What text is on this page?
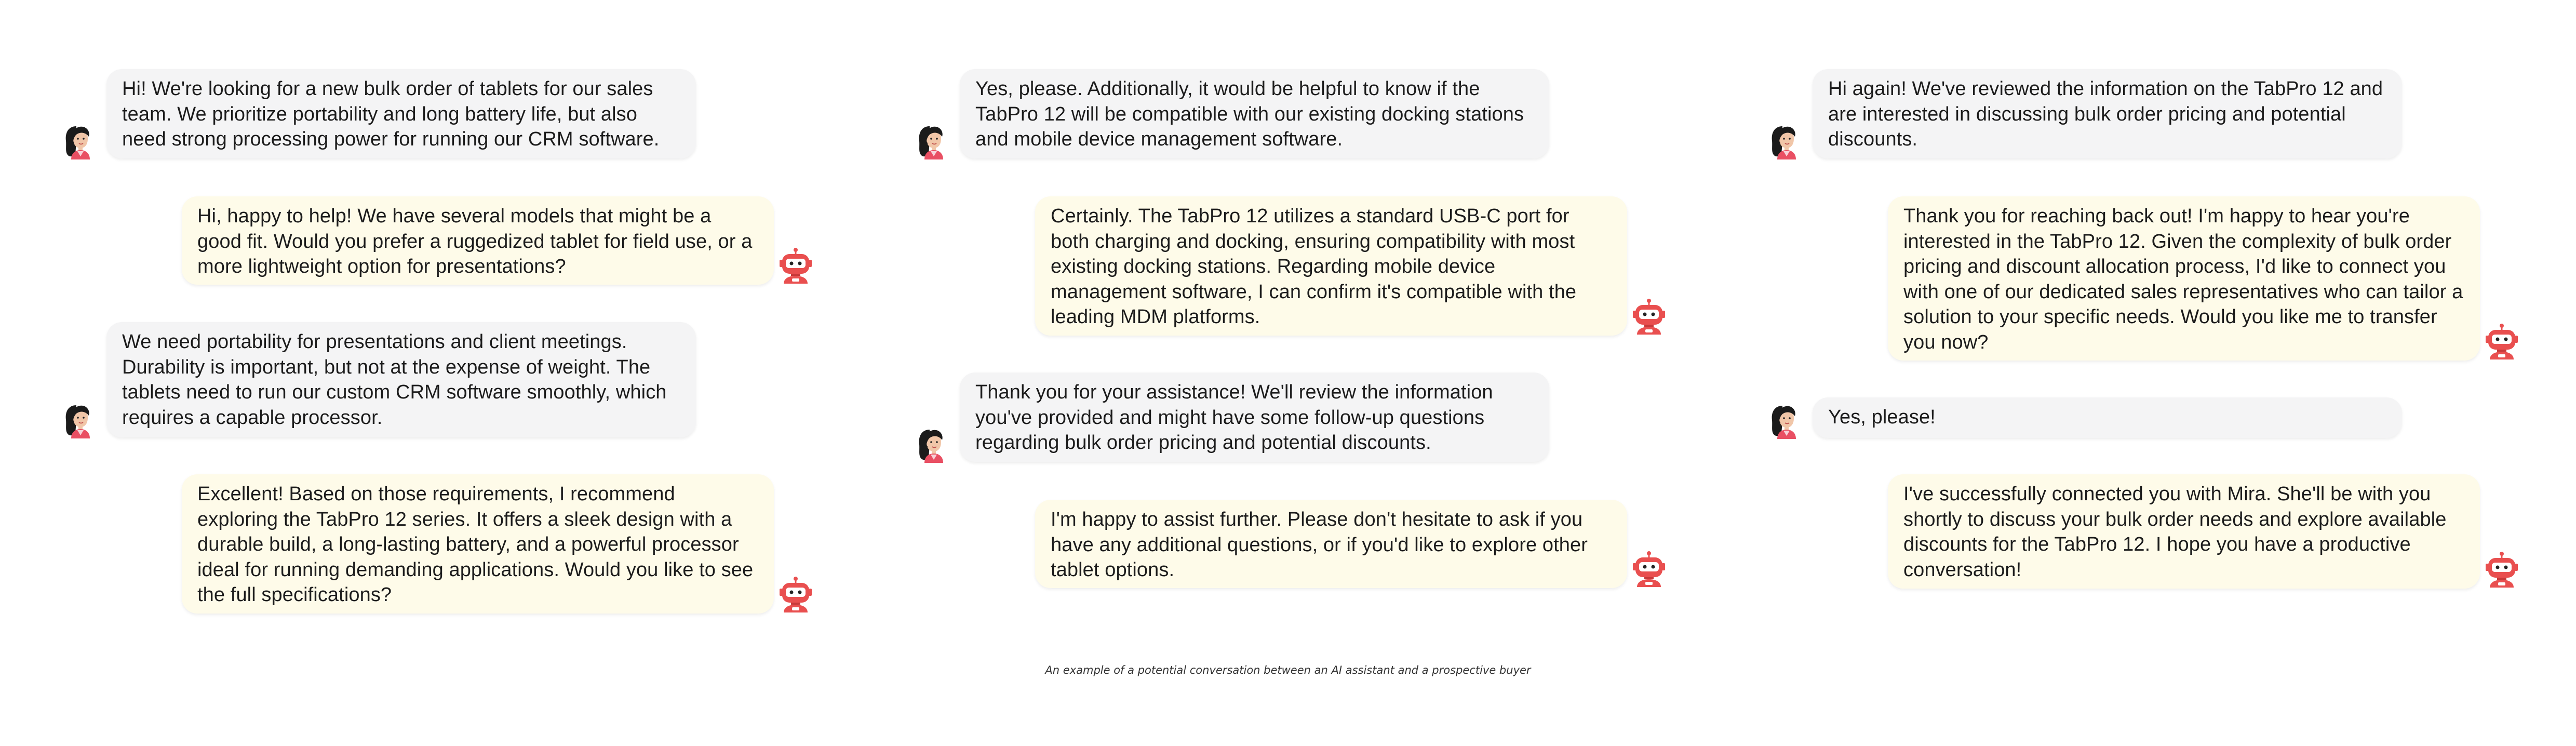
Hi! We're looking for a new bulk order of tablets for our sales team. We prioritize portability and long battery life, but also need strong processing power for running our CRM software.
Hi, happy to help! We have several models that might be a good fit. Would you prefer a ruggedized tablet for field use, or a more lightweight option for presentations?
We need portability for presentations and client meetings. Durability is important, but not at the expense of weight. The tablets need to run our custom CRM software smoothly, which requires a capable processor.
Excellent! Based on those requirements, I recommend exploring the TabPro 12 series. It offers a sleek design with a durable build, a long-lasting battery, and a powerful processor ideal for running demanding applications. Would you like to see the full specifications?
Yes, please. Additionally, it would be helpful to know if the TabPro 12 will be compatible with our existing docking stations and mobile device management software.
Certainly. The TabPro 12 utilizes a standard USB-C port for both charging and docking, ensuring compatibility with most existing docking stations. Regarding mobile device management software, I can confirm it's compatible with the leading MDM platforms.
Thank you for your assistance! We'll review the information you've provided and might have some follow-up questions regarding bulk order pricing and potential discounts.
I'm happy to assist further. Please don't hesitate to ask if you have any additional questions, or if you'd like to explore other tablet options.
Hi again! We've reviewed the information on the TabPro 12 and are interested in discussing bulk order pricing and potential discounts.
Thank you for reaching back out! I'm happy to hear you're interested in the TabPro 12. Given the complexity of bulk order pricing and discount allocation process, I'd like to connect you with one of our dedicated sales representatives who can tailor a solution to your specific needs. Would you like me to transfer you now?
Yes, please!
I've successfully connected you with Mira. She'll be with you shortly to discuss your bulk order needs and explore available discounts for the TabPro 12. I hope you have a productive conversation!
An example of a potential conversation between an AI assistant and a prospective buyer
